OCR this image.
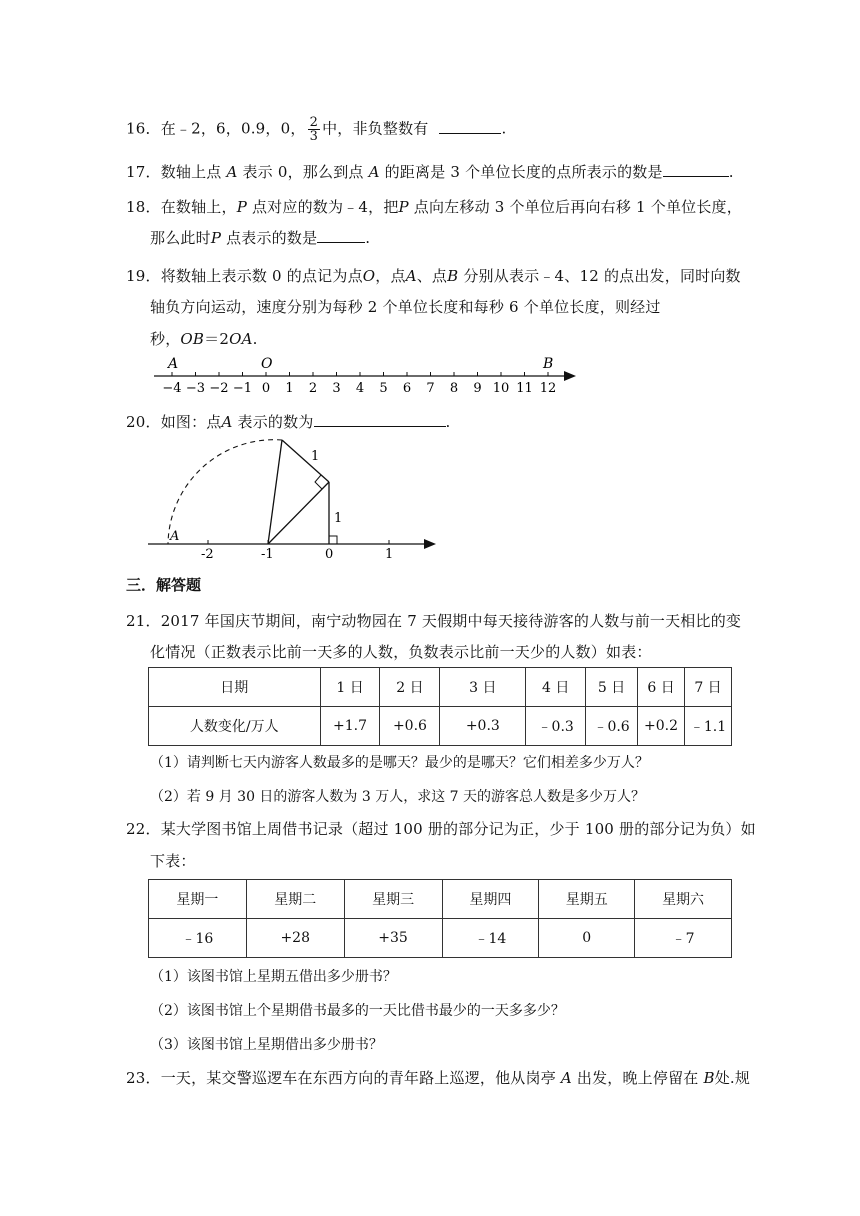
16．在﹣2，6，0.9，0， $\frac{2}{3}$ 中，非负整数有	.
17．数轴上点 A 表示 0，那么到点 A 的距离是 3 个单位长度的点所表示的数是	.
18．在数轴上，P 点对应的数为﹣4，把P 点向左移动 3 个单位后再向右移 1 个单位长度，
那么此时P 点表示的数是	.
19．将数轴上表示数 0 的点记为点O，点A、点B 分别从表示﹣4、12 的点出发，同时向数
轴负方向运动，速度分别为每秒 2 个单位长度和每秒 6 个单位长度，则经过
秒，OB＝2OA.
−4 −3 −2 −1 0 1 2 3 4 5 6 7 8 9 10 11 12
A	O	B
20．如图：点A 表示的数为	.
A
1
1
-2	-1	0	1
三．解答题
21．2017 年国庆节期间，南宁动物园在 7 天假期中每天接待游客的人数与前一天相比的变
化情况（正数表示比前一天多的人数，负数表示比前一天少的人数）如表：
日期	1 日	2 日	3 日	4 日	5 日	6 日	7 日
人数变化/万人	+1.7	+0.6	+0.3	﹣0.3	﹣0.6	+0.2	﹣1.1
（1）请判断七天内游客人数最多的是哪天？最少的是哪天？它们相差多少万人？
（2）若 9 月 30 日的游客人数为 3 万人，求这 7 天的游客总人数是多少万人？
22．某大学图书馆上周借书记录（超过 100 册的部分记为正，少于 100 册的部分记为负）如
下表：
星期一	星期二	星期三	星期四	星期五	星期六
﹣16	+28	+35	﹣14	0	﹣7
（1）该图书馆上星期五借出多少册书？
（2）该图书馆上个星期借书最多的一天比借书最少的一天多多少？
（3）该图书馆上星期借出多少册书？
23．一天，某交警巡逻车在东西方向的青年路上巡逻，他从岗亭 A 出发，晚上停留在 B处.规
